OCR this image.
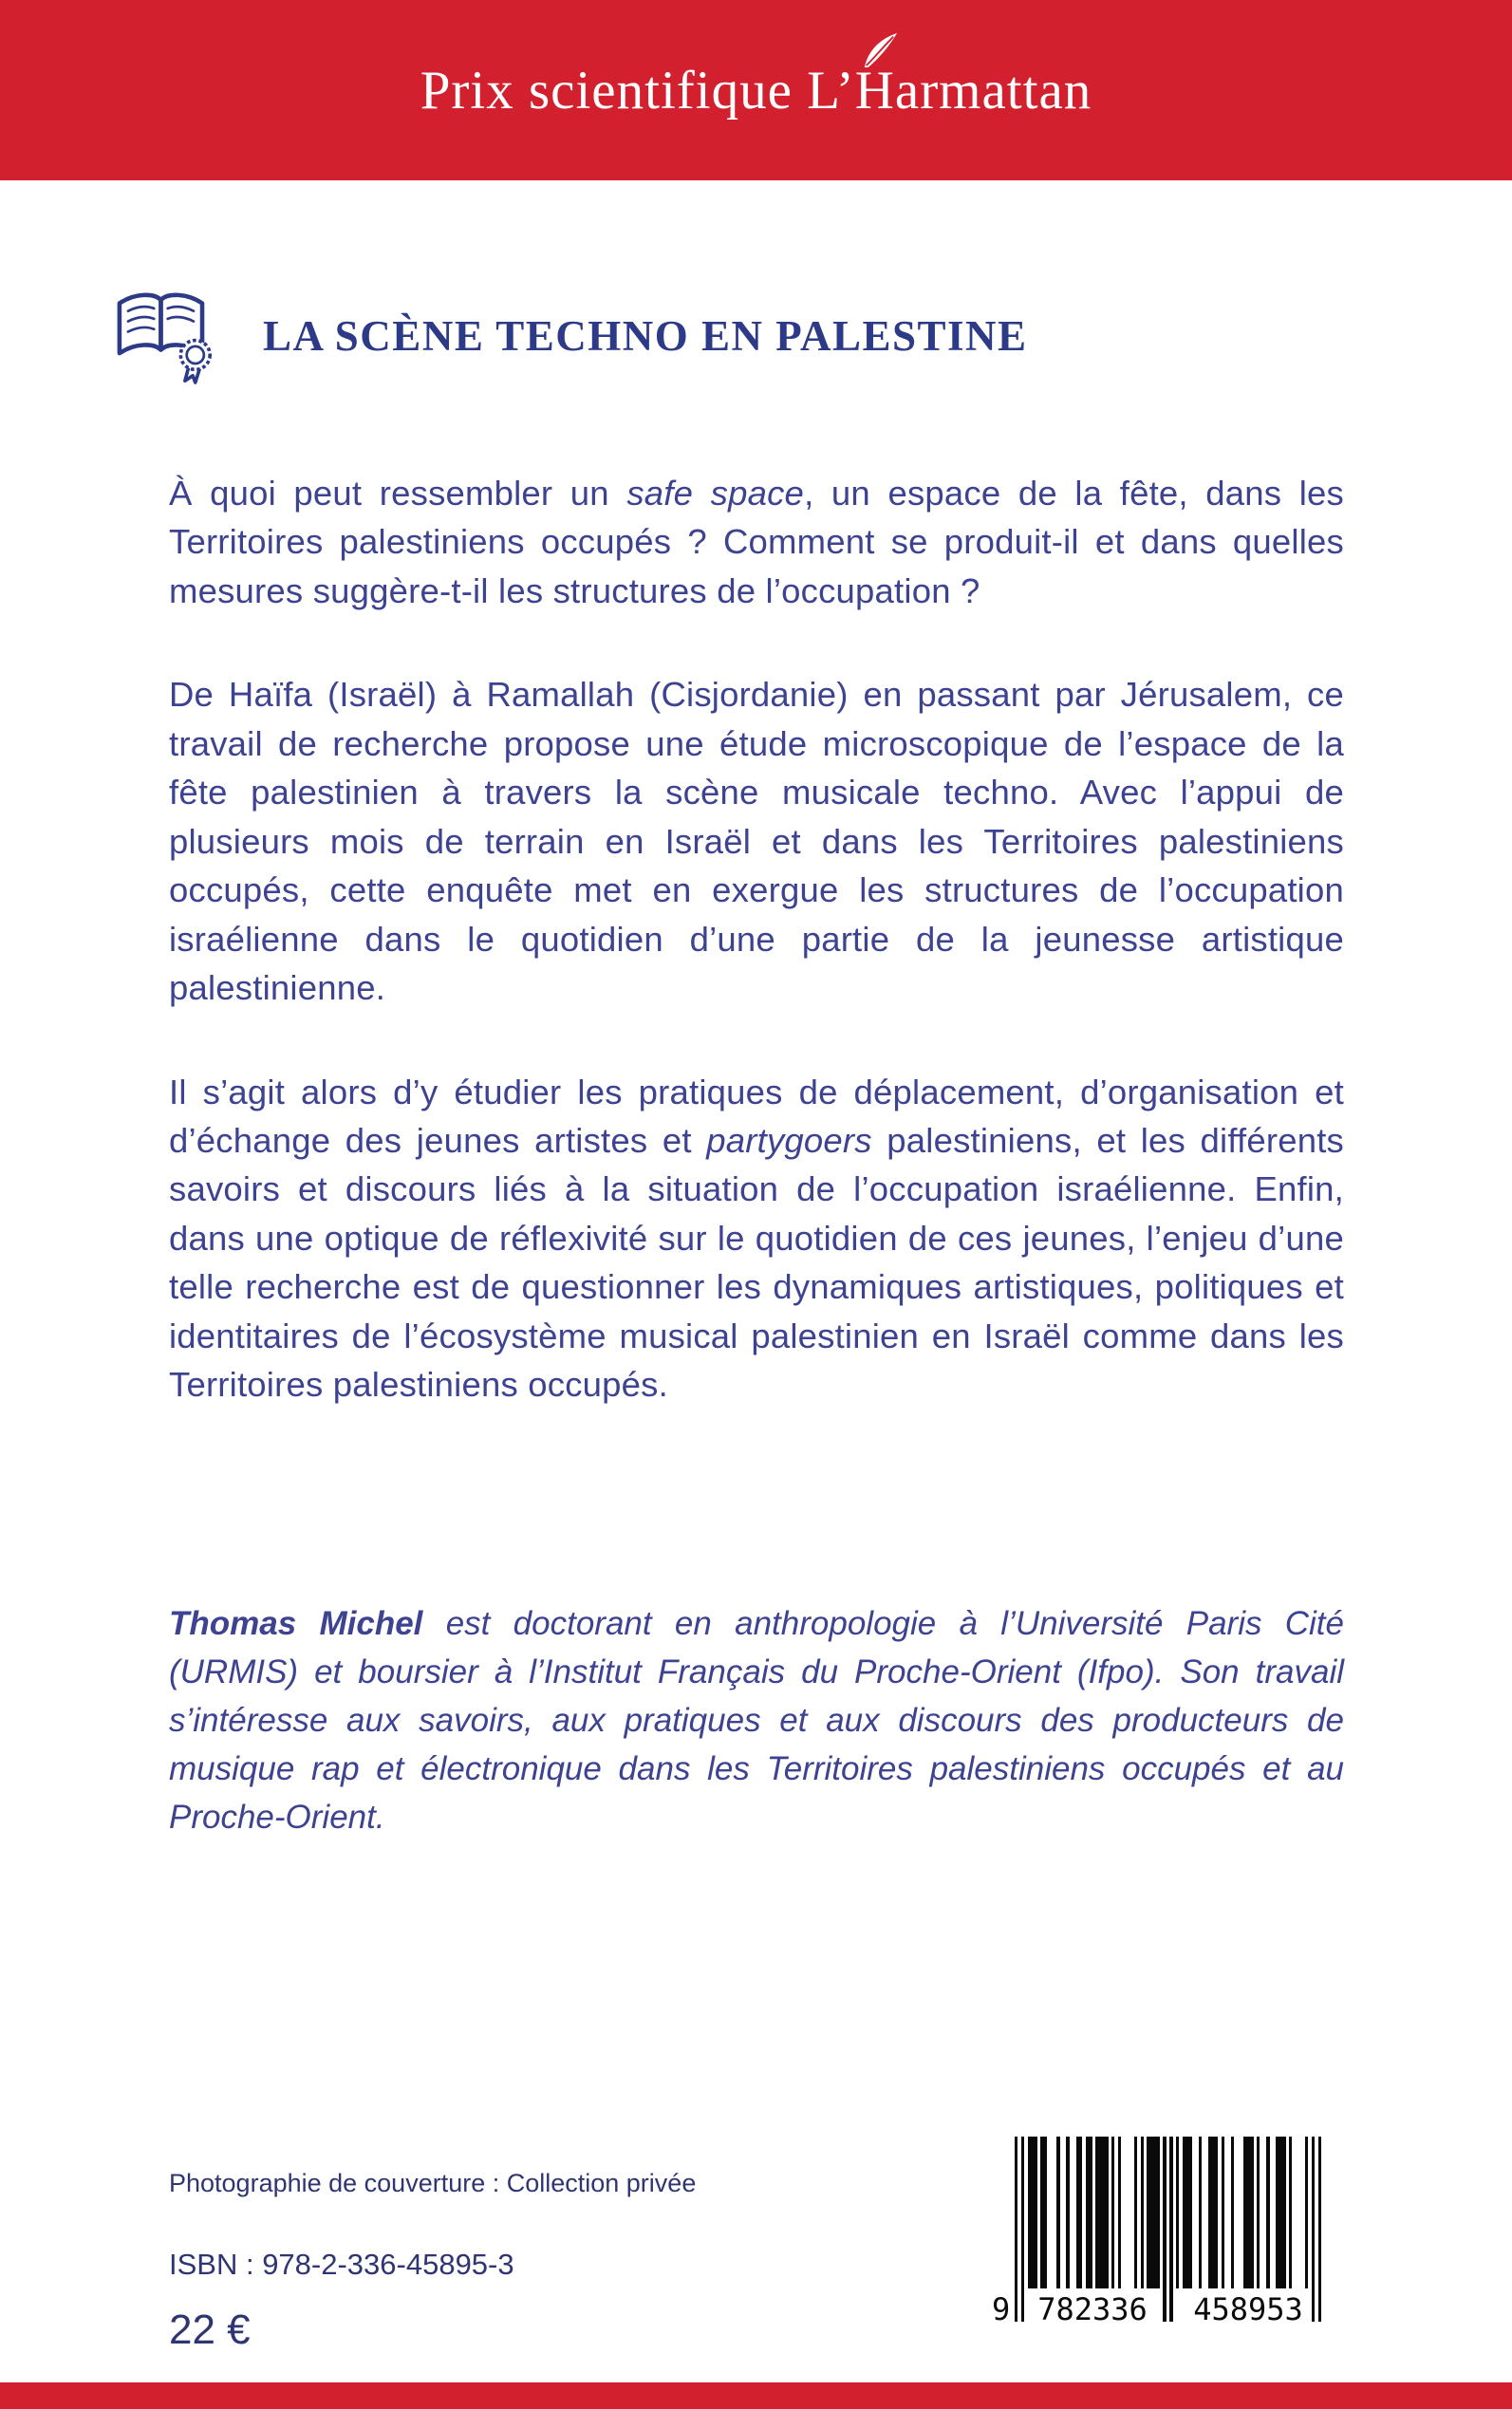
Prix scientifique L’
Harmattan
LA SCÈNE TECHNO EN PALESTINE

À quoi peut ressembler un safe space, un espace de la fête, dans les Territoires palestiniens occupés ? Comment se produit-il et dans quelles mesures suggère-t-il les structures de l’occupation ?

De Haïfa (Israël) à Ramallah (Cisjordanie) en passant par Jérusalem, ce travail de recherche propose une étude microscopique de l’espace de la fête palestinien à travers la scène musicale techno. Avec l’appui de plusieurs mois de terrain en Israël et dans les Territoires palestiniens occupés, cette enquête met en exergue les structures de l’occupation israélienne dans le quotidien d’une partie de la jeunesse artistique palestinienne.

Il s’agit alors d’y étudier les pratiques de déplacement, d’organisation et d’échange des jeunes artistes et partygoers palestiniens, et les différents savoirs et discours liés à la situation de l’occupation israélienne. Enfin, dans une optique de réflexivité sur le quotidien de ces jeunes, l’enjeu d’une telle recherche est de questionner les dynamiques artistiques, politiques et identitaires de l’écosystème musical palestinien en Israël comme dans les Territoires palestiniens occupés.

Thomas Michel est doctorant en anthropologie à l’Université Paris Cité (URMIS) et boursier à l’Institut Français du Proche-Orient (Ifpo). Son travail s’intéresse aux savoirs, aux pratiques et aux discours des producteurs de musique rap et électronique dans les Territoires palestiniens occupés et au Proche-Orient.

Photographie de couverture : Collection privée

ISBN : 978-2-336-45895-3

22 €	9 782336	458953
